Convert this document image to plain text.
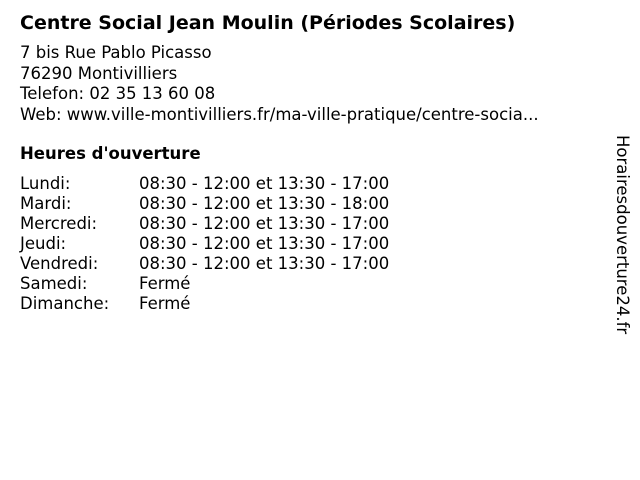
Centre Social Jean Moulin (Périodes Scolaires)
7 bis Rue Pablo Picasso
76290 Montivilliers
Telefon: 02 35 13 60 08
Web: www.ville-montivilliers.fr/ma-ville-pratique/centre-socia...
Heures d'ouverture
Lundi:	08:30 - 12:00 et 13:30 - 17:00
Mardi:	08:30 - 12:00 et 13:30 - 18:00
Mercredi:	08:30 - 12:00 et 13:30 - 17:00
Jeudi:	08:30 - 12:00 et 13:30 - 17:00
Vendredi: 08:30 - 12:00 et 13:30 - 17:00
Samedi:	Fermé
Dimanche: Fermé	Horairesdouverture24.fr
